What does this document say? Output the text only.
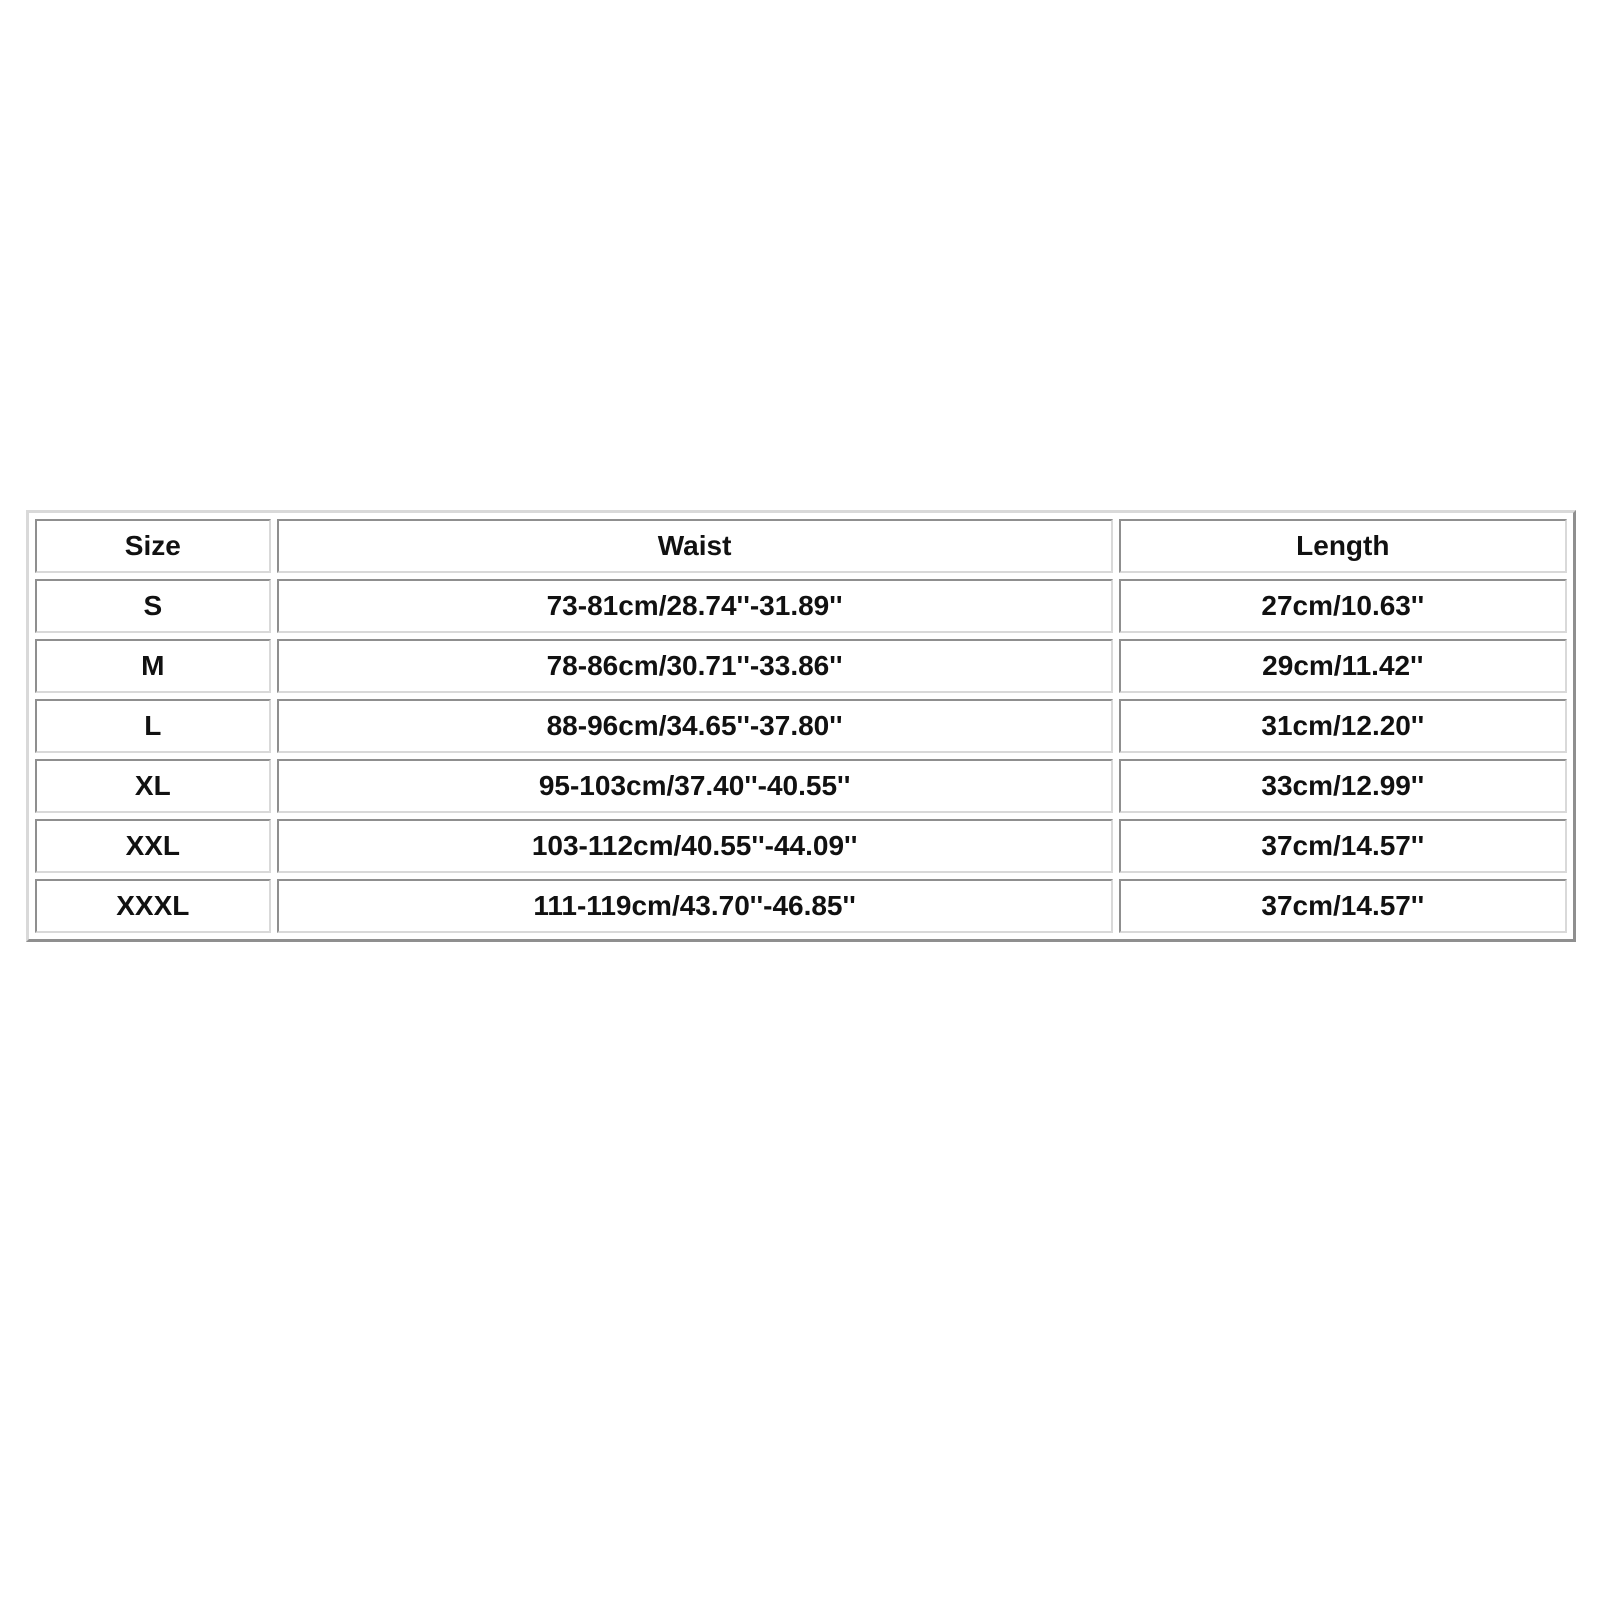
Size	Waist	Length
S	73-81cm/28.74''-31.89''	27cm/10.63''
M	78-86cm/30.71''-33.86''	29cm/11.42''
L	88-96cm/34.65''-37.80''	31cm/12.20''
XL	95-103cm/37.40''-40.55''	33cm/12.99''
XXL	103-112cm/40.55''-44.09''	37cm/14.57''
XXXL	111-119cm/43.70''-46.85''	37cm/14.57''
